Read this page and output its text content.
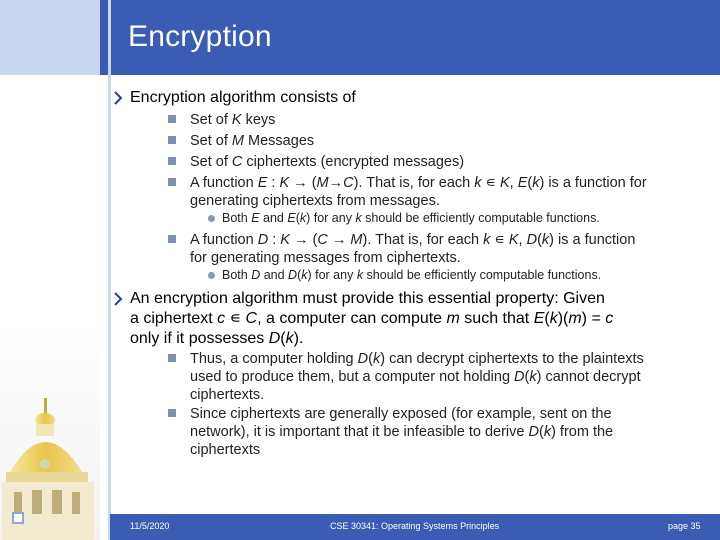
Encryption
Encryption algorithm consists of
Set of K keys
Set of M Messages
Set of C ciphertexts (encrypted messages)
A function E : K → (M→C). That is, for each k ∊ K, E(k) is a function for
generating ciphertexts from messages.
Both E and E(k) for any k should be efficiently computable functions.
A function D : K → (C → M). That is, for each k ∊ K, D(k) is a function
for generating messages from ciphertexts.
Both D and D(k) for any k should be efficiently computable functions.
An encryption algorithm must provide this essential property: Given
a ciphertext c ∊ C, a computer can compute m such that E(k)(m) = c
only if it possesses D(k).
Thus, a computer holding D(k) can decrypt ciphertexts to the plaintexts
used to produce them, but a computer not holding D(k) cannot decrypt
ciphertexts.
Since ciphertexts are generally exposed (for example, sent on the
network), it is important that it be infeasible to derive D(k) from the
ciphertexts
11/5/2020	CSE 30341: Operating Systems Principles	page 35
